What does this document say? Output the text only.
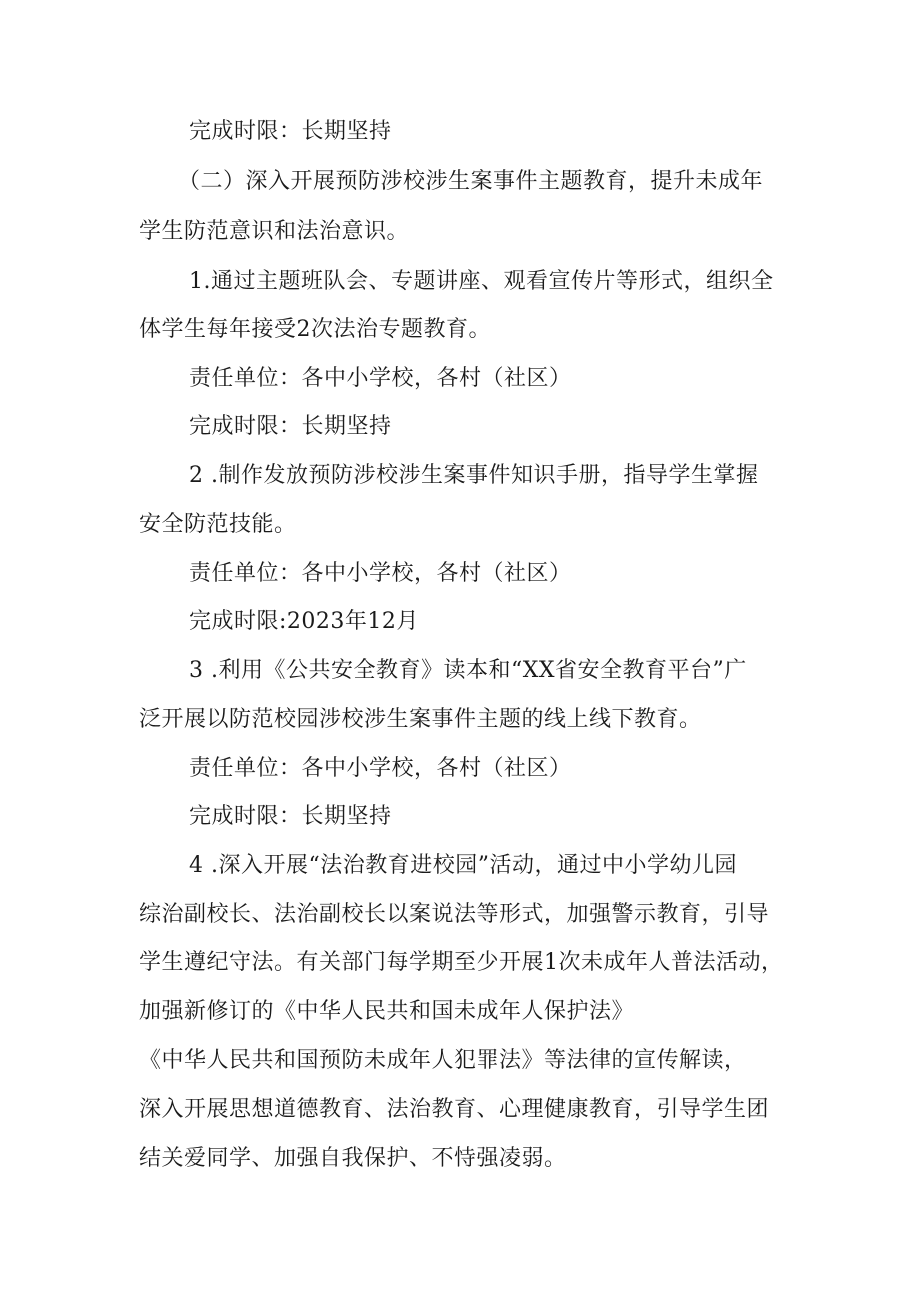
完成时限：长期坚持
（二）深入开展预防涉校涉生案事件主题教育，提升未成年
学生防范意识和法治意识。
1.通过主题班队会、专题讲座、观看宣传片等形式，组织全
体学生每年接受2次法治专题教育。
责任单位：各中小学校，各村（社区）
完成时限：长期坚持
2 .制作发放预防涉校涉生案事件知识手册，指导学生掌握
安全防范技能。
责任单位：各中小学校，各村（社区）
完成时限:2023年12月
3 .利用《公共安全教育》读本和“XX省安全教育平台”广
泛开展以防范校园涉校涉生案事件主题的线上线下教育。
责任单位：各中小学校，各村（社区）
完成时限：长期坚持
4 .深入开展“法治教育进校园”活动，通过中小学幼儿园
综治副校长、法治副校长以案说法等形式，加强警示教育，引导
学生遵纪守法。有关部门每学期至少开展1次未成年人普法活动，
加强新修订的《中华人民共和国未成年人保护法》
《中华人民共和国预防未成年人犯罪法》等法律的宣传解读，
深入开展思想道德教育、法治教育、心理健康教育，引导学生团
结关爱同学、加强自我保护、不恃强凌弱。
